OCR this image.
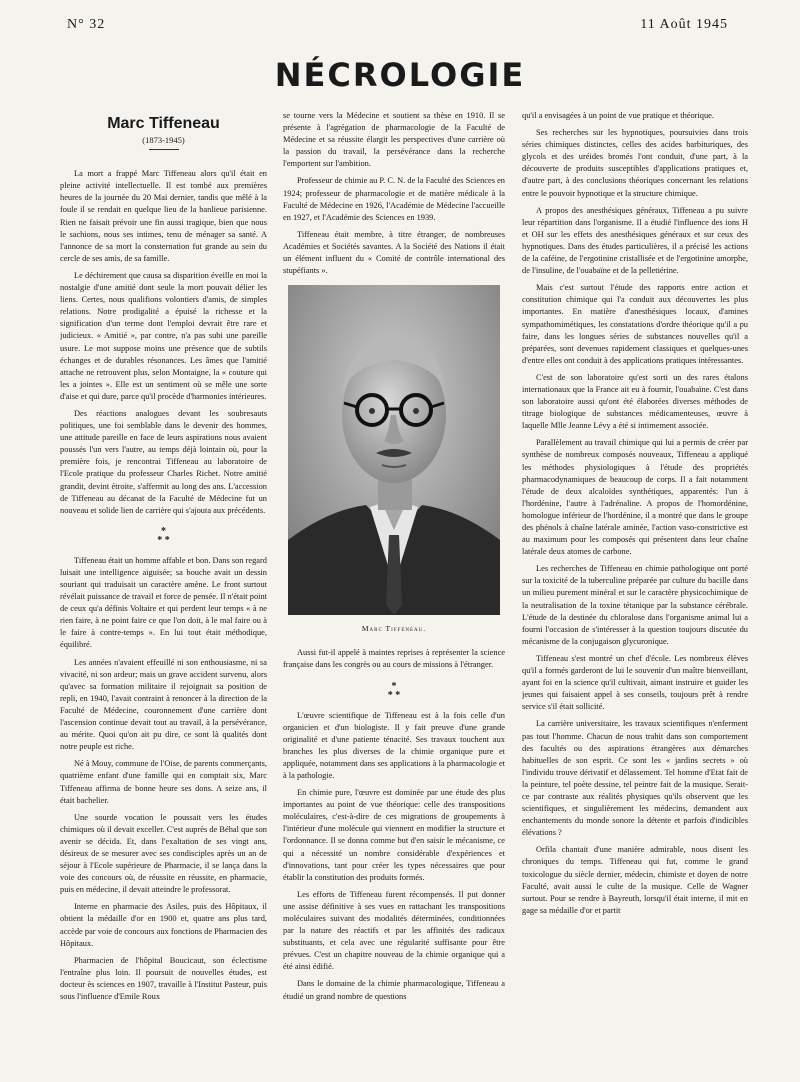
N° 32	11 Août 1945
NÉCROLOGIE
Marc Tiffeneau
(1873-1945)

La mort a frappé Marc Tiffeneau alors qu'il était en pleine activité intellectuelle. Il est tombé aux premières heures de la journée du 20 Mai dernier, tandis que mêlé à la foule il se rendait en quelque lieu de la banlieue parisienne. Rien ne faisait prévoir une fin aussi tragique, bien que nous le sachions, nous ses intimes, tenu de ménager sa santé. A l'annonce de sa mort la consternation fut grande au sein du cercle de ses amis, de sa famille.

Le déchirement que causa sa disparition éveille en moi la nostalgie d'une amitié dont seule la mort pouvait délier les liens. Certes, nous qualifions volontiers d'amis, de simples relations. Notre prodigalité a épuisé la richesse et la signification d'un terme dont l'emploi devrait être rare et judicieux. « Amitié », par contre, n'a pas subi une pareille usure. Le mot suppose moins une présence que de subtils échanges et de durables résonances. Les âmes que l'amitié attache ne retrouvent plus, selon Montaigne, la « couture qui les a jointes ». Elle est un sentiment où se mêle une sorte d'aise et qui dure, parce qu'il procède d'harmonies intérieures.

Des réactions analogues devant les soubresauts politiques, une foi semblable dans le devenir des hommes, une attitude pareille en face de leurs aspirations nous avaient poussés l'un vers l'autre, au temps déjà lointain où, pour la première fois, je rencontrai Tiffeneau au laboratoire de l'Ecole pratique du professeur Charles Richet. Notre amitié grandit, devint étroite, s'affermit au long des ans. L'accession de Tiffeneau au décanat de la Faculté de Médecine fut un nouveau et solide lien de carrière qui s'ajouta aux précédents.

*
* *

Tiffeneau était un homme affable et bon. Dans son regard luisait une intelligence aiguisée; sa bouche avait un dessin souriant qui traduisait un caractère amène. Le front surtout révélait puissance de travail et force de pensée. Il n'était point de ceux qu'a définis Voltaire et qui perdent leur temps « à ne rien faire, à ne point faire ce que l'on doit, à le mal faire ou à le faire à contre-temps ». En lui tout était méthodique, équilibré.

Les années n'avaient effeuillé ni son enthousiasme, ni sa vivacité, ni son ardeur; mais un grave accident survenu, alors qu'avec sa formation militaire il rejoignait sa position de repli, en 1940, l'avait contraint à renoncer à la direction de la Faculté de Médecine, couronnement d'une carrière dont l'ascension continue devait tout au travail, à la persévérance, au mérite. Quoi qu'on ait pu dire, ce sont là qualités dont notre peuple est riche.

Né à Mouy, commune de l'Oise, de parents commerçants, quatrième enfant d'une famille qui en comptait six, Marc Tiffeneau affirma de bonne heure ses dons. A seize ans, il était bachelier.

Une sourde vocation le poussait vers les études chimiques où il devait exceller. C'est auprès de Béhal que son avenir se décida. Et, dans l'exaltation de ses vingt ans, désireux de se mesurer avec ses condisciples après un an de séjour à l'Ecole supérieure de Pharmacie, il se lança dans la voie des concours où, de réussite en réussite, en pharmacie, puis en médecine, il devait atteindre le professorat.

Interne en pharmacie des Asiles, puis des Hôpitaux, il obtient la médaille d'or en 1900 et, quatre ans plus tard, accède par voie de concours aux fonctions de Pharmacien des Hôpitaux.

Pharmacien de l'hôpital Boucicaut, son éclectisme l'entraîne plus loin. Il poursuit de nouvelles études, est docteur ès sciences en 1907, travaille à l'Institut Pasteur, puis sous l'influence d'Emile Roux

se tourne vers la Médecine et soutient sa thèse en 1910. Il se présente à l'agrégation de pharmacologie de la Faculté de Médecine et sa réussite élargit les perspectives d'une carrière où la passion du travail, la persévérance dans la recherche l'emportent sur l'ambition.

Professeur de chimie au P. C. N. de la Faculté des Sciences en 1924; professeur de pharmacologie et de matière médicale à la Faculté de Médecine en 1926, l'Académie de Médecine l'accueille en 1927, et l'Académie des Sciences en 1939.

Tiffeneau était membre, à titre étranger, de nombreuses Académies et Sociétés savantes. A la Société des Nations il était un élément influent du « Comité de contrôle international des stupéfiants ».

Marc Tiffeneau.

Aussi fut-il appelé à maintes reprises à représenter la science française dans les congrès ou au cours de missions à l'étranger.

*
* *

L'œuvre scientifique de Tiffeneau est à la fois celle d'un organicien et d'un biologiste. Il y fait preuve d'une grande originalité et d'une patiente ténacité. Ses travaux touchent aux branches les plus diverses de la chimie organique pure et appliquée, notamment dans ses applications à la pharmacologie et à la pathologie.

En chimie pure, l'œuvre est dominée par une étude des plus importantes au point de vue théorique: celle des transpositions moléculaires, c'est-à-dire de ces migrations de groupements à l'intérieur d'une molécule qui viennent en modifier la structure et l'ordonnance. Il se donna comme but d'en saisir le mécanisme, ce qui a nécessité un nombre considérable d'expériences et d'innovations, tant pour créer les types nécessaires que pour établir la constitution des produits formés.

Les efforts de Tiffeneau furent récompensés. Il put donner une assise définitive à ses vues en rattachant les transpositions moléculaires suivant des modalités déterminées, conditionnées par la nature des réactifs et par les affinités des radicaux substituants, et cela avec une régularité suffisante pour être prévues. C'est un chapitre nouveau de la chimie organique qui a été ainsi édifié.

Dans le domaine de la chimie pharmacologique, Tiffeneau a étudié un grand nombre de questions

qu'il a envisagées à un point de vue pratique et théorique.

Ses recherches sur les hypnotiques, poursuivies dans trois séries chimiques distinctes, celles des acides barbituriques, des glycols et des uréides bromés l'ont conduit, d'une part, à la découverte de produits susceptibles d'applications pratiques et, d'autre part, à des conclusions théoriques concernant les relations entre le pouvoir hypnotique et la structure chimique.

A propos des anesthésiques généraux, Tiffeneau a pu suivre leur répartition dans l'organisme. Il a étudié l'influence des ions H et OH sur les effets des anesthésiques généraux et sur ceux des hypnotiques. Dans des études particulières, il a précisé les actions de la caféine, de l'ergotinine cristallisée et de l'ergotinine amorphe, de l'insuline, de l'ouabaïne et de la pelletiérine.

Mais c'est surtout l'étude des rapports entre action et constitution chimique qui l'a conduit aux découvertes les plus importantes. En matière d'anesthésiques locaux, d'amines sympathomimétiques, les constatations d'ordre théorique qu'il a pu faire, dans les longues séries de substances nouvelles qu'il a préparées, sont devenues rapidement classiques et quelques-unes d'entre elles ont conduit à des applications pratiques intéressantes.

C'est de son laboratoire qu'est sorti un des rares étalons internationaux que la France ait eu à fournir, l'ouabaïne. C'est dans son laboratoire aussi qu'ont été élaborées diverses méthodes de titrage biologique de substances médicamenteuses, œuvre à laquelle Mlle Jeanne Lévy a été si intimement associée.

Parallèlement au travail chimique qui lui a permis de créer par synthèse de nombreux composés nouveaux, Tiffeneau a appliqué les méthodes physiologiques à l'étude des propriétés pharmacodynamiques de beaucoup de corps. Il a fait notamment l'étude de deux alcaloïdes synthétiques, apparentés: l'un à l'hordénine, l'autre à l'adrénaline. A propos de l'homordénine, homologue inférieur de l'hordénine, il a montré que dans le groupe des phénols à chaîne latérale aminée, l'action vaso-constrictive est au maximum pour les composés qui présentent dans leur chaîne latérale deux atomes de carbone.

Les recherches de Tiffeneau en chimie pathologique ont porté sur la toxicité de la tuberculine préparée par culture du bacille dans un milieu purement minéral et sur le caractère physicochimique de la neutralisation de la toxine tétanique par la substance cérébrale. L'étude de la destinée du chloralose dans l'organisme animal lui a fourni l'occasion de s'intéresser à la question toujours discutée du mécanisme de la conjugaison glycuronique.

Tiffeneau s'est montré un chef d'école. Les nombreux élèves qu'il a formés garderont de lui le souvenir d'un maître bienveillant, ayant foi en la science qu'il cultivait, aimant instruire et guider les jeunes qui faisaient appel à ses conseils, toujours prêt à rendre service s'il était sollicité.

La carrière universitaire, les travaux scientifiques n'enferment pas tout l'homme. Chacun de nous trahit dans son comportement des facultés ou des aspirations étrangères aux démarches habituelles de son esprit. Ce sont les « jardins secrets » où l'individu trouve dérivatif et délassement. Tel homme d'Etat fait de la peinture, tel poète dessine, tel peintre fait de la musique. Serait-ce par contraste aux réalités physiques qu'ils observent que les scientifiques, et singulièrement les médecins, demandent aux enchantements du monde sonore la détente et parfois d'indicibles élévations ?

Orfila chantait d'une manière admirable, nous disent les chroniques du temps. Tiffeneau qui fut, comme le grand toxicologue du siècle dernier, médecin, chimiste et doyen de notre Faculté, avait aussi le culte de la musique. Celle de Wagner surtout. Pour se rendre à Bayreuth, lorsqu'il était interne, il mit en gage sa médaille d'or et partit
